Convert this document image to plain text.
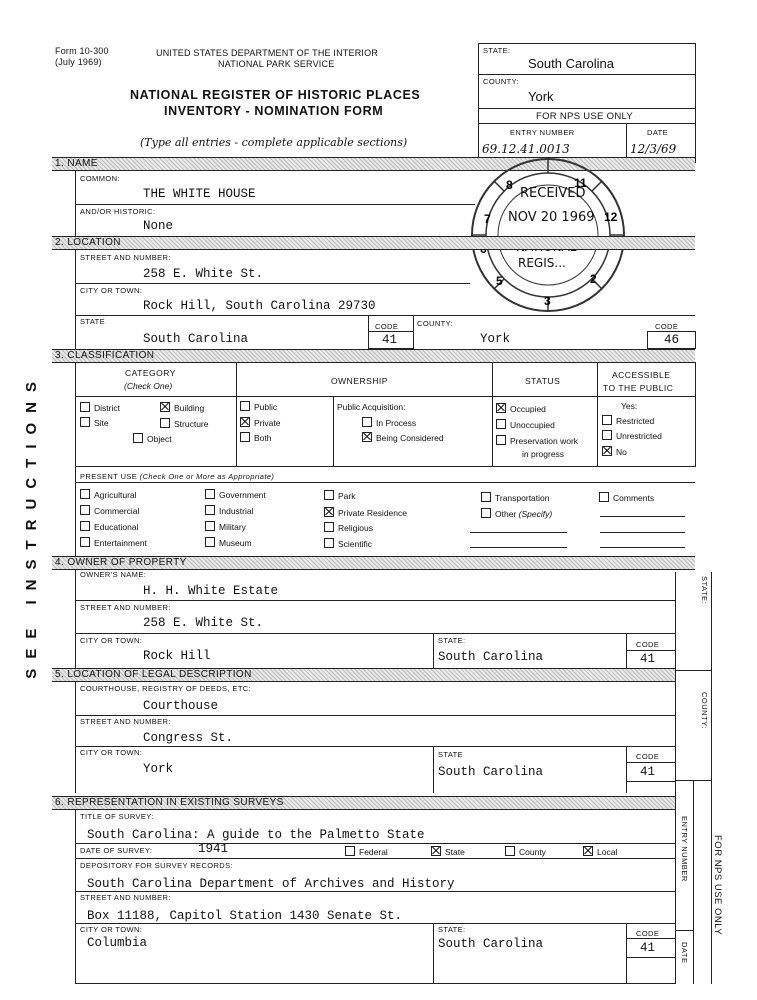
Form 10-300
(July 1969)
UNITED STATES DEPARTMENT OF THE INTERIOR
NATIONAL PARK SERVICE
NATIONAL REGISTER OF HISTORIC PLACES
INVENTORY - NOMINATION FORM
(Type all entries - complete applicable sections)
STATE:
South Carolina
COUNTY:
York
FOR NPS USE ONLY
ENTRY NUMBER	DATE
69.12.41.0013	12/3/69
SEE INSTRUCTIONS
1. NAME
COMMON:
THE WHITE HOUSE
AND/OR HISTORIC:
None
11
12
7
5
3
2
8
RECEIVED
NOV 20 1969
REGIS...
2. LOCATION
STREET AND NUMBER:
258 E. White St.
CITY OR TOWN:
Rock Hill, South Carolina 29730
STATE
South Carolina
CODE
41
COUNTY:
York
CODE
46
3. CLASSIFICATION
CATEGORY
(Check One)	OWNERSHIP	STATUS
ACCESSIBLE
TO THE PUBLIC
District	Building
Site	Structure
Object
Public
Private
Both
Public Acquisition:
In Process
Being Considered
Occupied
Unoccupied
Preservation work
in progress
Yes:
Restricted
Unrestricted
No
PRESENT USE (Check One or More as Appropriate)
Agricultural
Commercial
Educational
Entertainment
Government
Industrial
Military
Museum
Park
Private Residence
Religious
Scientific
Transportation
Other (Specify)
Comments
4. OWNER OF PROPERTY
OWNER'S NAME:
H. H. White Estate
STREET AND NUMBER:
258 E. White St.
CITY OR TOWN:
Rock Hill
STATE:
South Carolina
CODE
41
5. LOCATION OF LEGAL DESCRIPTION
COURTHOUSE, REGISTRY OF DEEDS, ETC:
Courthouse
STREET AND NUMBER:
Congress St.
CITY OR TOWN:
York
STATE
South Carolina
CODE
41
6. REPRESENTATION IN EXISTING SURVEYS
TITLE OF SURVEY:
South Carolina: A guide to the Palmetto State
DATE OF SURVEY:	1941	Federal	State	County	Local
DEPOSITORY FOR SURVEY RECORDS:
South Carolina Department of Archives and History
STREET AND NUMBER:
Box 11188, Capitol Station 1430 Senate St.
CITY OR TOWN:
Columbia
STATE:
South Carolina
CODE
41
STATE:
COUNTY:
ENTRY NUMBER
DATE
FOR NPS USE ONLY
